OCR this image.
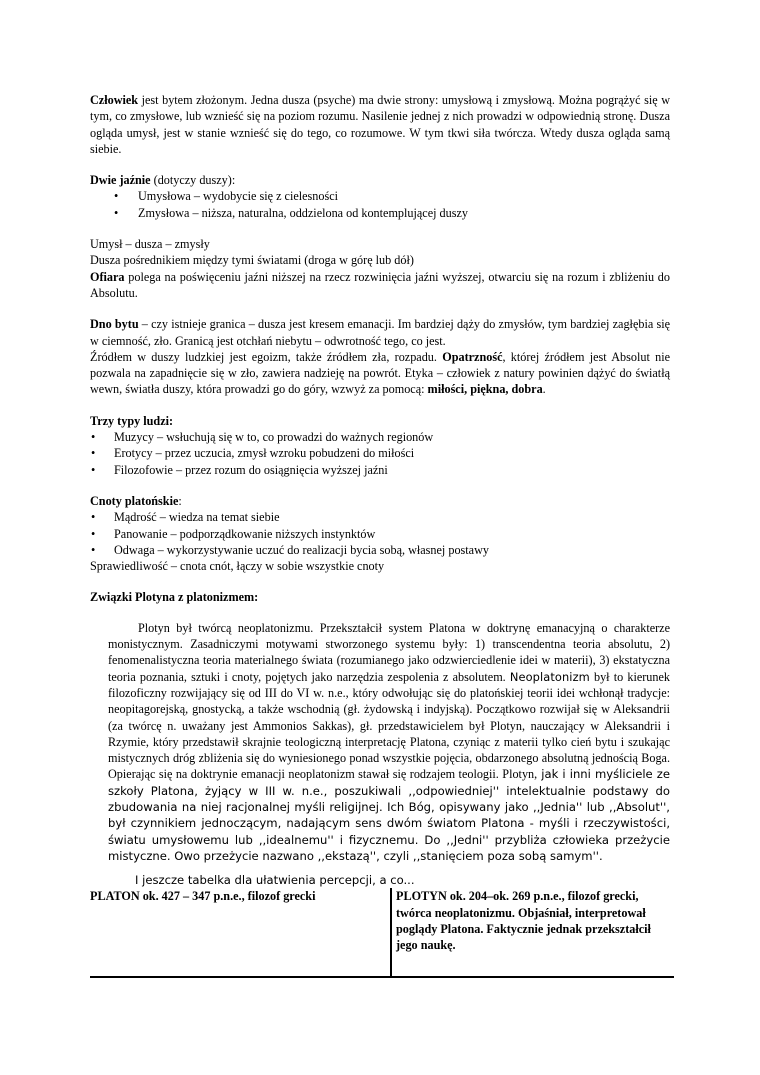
Człowiek jest bytem złożonym. Jedna dusza (psyche) ma dwie strony: umysłową i zmysłową. Można pogrążyć się w tym, co zmysłowe, lub wznieść się na poziom rozumu. Nasilenie jednej z nich prowadzi w odpowiednią stronę. Dusza ogląda umysł, jest w stanie wznieść się do tego, co rozumowe. W tym tkwi siła twórcza. Wtedy dusza ogląda samą siebie.

Dwie jaźnie (dotyczy duszy):

• Umysłowa – wydobycie się z cielesności
• Zmysłowa – niższa, naturalna, oddzielona od kontemplującej duszy

Umysł – dusza – zmysły

Dusza pośrednikiem między tymi światami (droga w górę lub dół)

Ofiara polega na poświęceniu jaźni niższej na rzecz rozwinięcia jaźni wyższej, otwarciu się na rozum i zbliżeniu do Absolutu.

Dno bytu – czy istnieje granica – dusza jest kresem emanacji. Im bardziej dąży do zmysłów, tym bardziej zagłębia się w ciemność, zło. Granicą jest otchłań niebytu – odwrotność tego, co jest.

Źródłem w duszy ludzkiej jest egoizm, także źródłem zła, rozpadu. Opatrzność, której źródłem jest Absolut nie pozwala na zapadnięcie się w zło, zawiera nadzieję na powrót. Etyka – człowiek z natury powinien dążyć do światłą wewn, światła duszy, która prowadzi go do góry, wzwyż za pomocą: miłości, piękna, dobra.

Trzy typy ludzi:

• Muzycy – wsłuchują się w to, co prowadzi do ważnych regionów
• Erotycy – przez uczucia, zmysł wzroku pobudzeni do miłości
• Filozofowie – przez rozum do osiągnięcia wyższej jaźni

Cnoty platońskie:

• Mądrość – wiedza na temat siebie
• Panowanie – podporządkowanie niższych instynktów
• Odwaga – wykorzystywanie uczuć do realizacji bycia sobą, własnej postawy

Sprawiedliwość – cnota cnót, łączy w sobie wszystkie cnoty

Związki Plotyna z platonizmem:

Plotyn był twórcą neoplatonizmu. Przekształcił system Platona w doktrynę emanacyjną o charakterze monistycznym. Zasadniczymi motywami stworzonego systemu były: 1) transcendentna teoria absolutu, 2) fenomenalistyczna teoria materialnego świata (rozumianego jako odzwierciedlenie idei w materii), 3) ekstatyczna teoria poznania, sztuki i cnoty, pojętych jako narzędzia zespolenia z absolutem. Neoplatonizm był to kierunek filozoficzny rozwijający się od III do VI w. n.e., który odwołując się do platońskiej teorii idei wchłonął tradycje: neopitagorejską, gnostycką, a także wschodnią (gł. żydowską i indyjską). Początkowo rozwijał się w Aleksandrii (za twórcę n. uważany jest Ammonios Sakkas), gł. przedstawicielem był Plotyn, nauczający w Aleksandrii i Rzymie, który przedstawił skrajnie teologiczną interpretację Platona, czyniąc z materii tylko cień bytu i szukając mistycznych dróg zbliżenia się do wyniesionego ponad wszystkie pojęcia, obdarzonego absolutną jednością Boga. Opierając się na doktrynie emanacji neoplatonizm stawał się rodzajem teologii. Plotyn, jak i inni myśliciele ze szkoły Platona, żyjący w III w. n.e., poszukiwali ,,odpowiedniej'' intelektualnie podstawy do zbudowania na niej racjonalnej myśli religijnej. Ich Bóg, opisywany jako ,,Jednia'' lub ,,Absolut'', był czynnikiem jednoczącym, nadającym sens dwóm światom Platona - myśli i rzeczywistości, światu umysłowemu lub ,,idealnemu'' i fizycznemu. Do ,,Jedni'' przybliża człowieka przeżycie mistyczne. Owo przeżycie nazwano ,,ekstazą'', czyli ,,stanięciem poza sobą samym''.

I jeszcze tabelka dla ułatwienia percepcji, a co...

PLATON ok. 427 – 347 p.n.e., filozof grecki	PLOTYN ok. 204–ok. 269 p.n.e., filozof grecki, twórca neoplatonizmu. Objaśniał, interpretował poglądy Platona. Faktycznie jednak przekształcił jego naukę.
